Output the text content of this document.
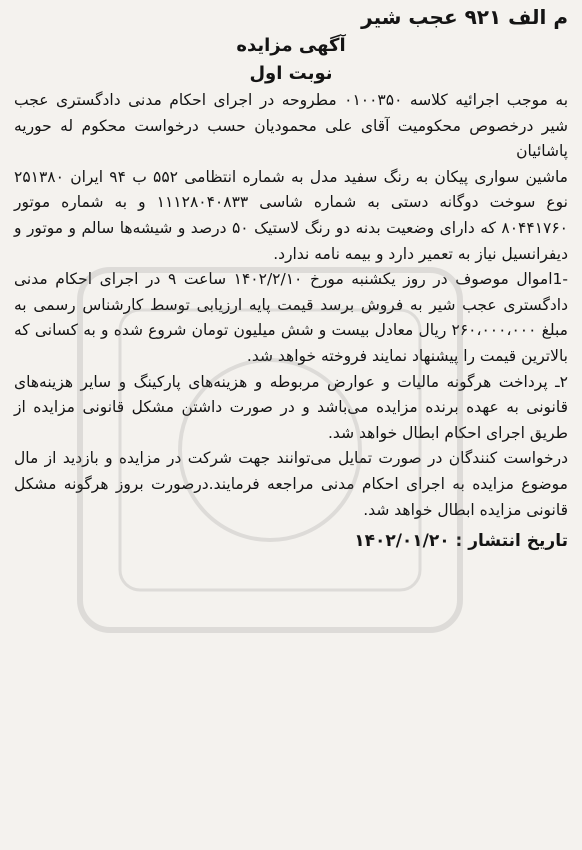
م الف ۹۲۱ عجب شیر

آگهی مزایده

نوبت اول

به موجب اجرائیه کلاسه ۰۱۰۰۳۵۰ مطروحه در اجرای احکام مدنی دادگستری عجب شیر درخصوص محکومیت آقای علی محمودیان حسب درخواست محکوم له حوریه پاشائیان

ماشین سواری پیکان به رنگ سفید مدل به شماره انتظامی ۵۵۲ ب ۹۴ ایران ۲۵۱۳۸۰ نوع سوخت دوگانه دستی به شماره شاسی ۱۱۱۲۸۰۴۰۸۳۳ و به شماره موتور ۸۰۴۴۱۷۶۰ که دارای وضعیت بدنه دو رنگ لاستیک ۵۰ درصد و شیشه‌ها سالم و موتور و دیفرانسیل نیاز به تعمیر دارد و بیمه نامه ندارد.

-1اموال موصوف در روز یکشنبه مورخ ۱۴۰۲/۲/۱۰ ساعت ۹ در اجرای احکام مدنی دادگستری عجب شیر به فروش برسد قیمت پایه ارزیابی توسط کارشناس رسمی به مبلغ ۲۶۰،۰۰۰،۰۰۰ ریال معادل بیست و شش میلیون تومان شروع شده و به کسانی که بالاترین قیمت را پیشنهاد نمایند فروخته خواهد شد.

۲ـ پرداخت هرگونه مالیات و عوارض مربوطه و هزینه‌های پارکینگ و سایر هزینه‌های قانونی به عهده برنده مزایده می‌باشد و در صورت داشتن مشکل قانونی مزایده از طریق اجرای احکام ابطال خواهد شد.

درخواست کنندگان در صورت تمایل می‌توانند جهت شرکت در مزایده و بازدید از مال موضوع مزایده به اجرای احکام مدنی مراجعه فرمایند.درصورت بروز هرگونه مشکل قانونی مزایده ابطال خواهد شد.

تاریخ انتشار : ۱۴۰۲/۰۱/۲۰
